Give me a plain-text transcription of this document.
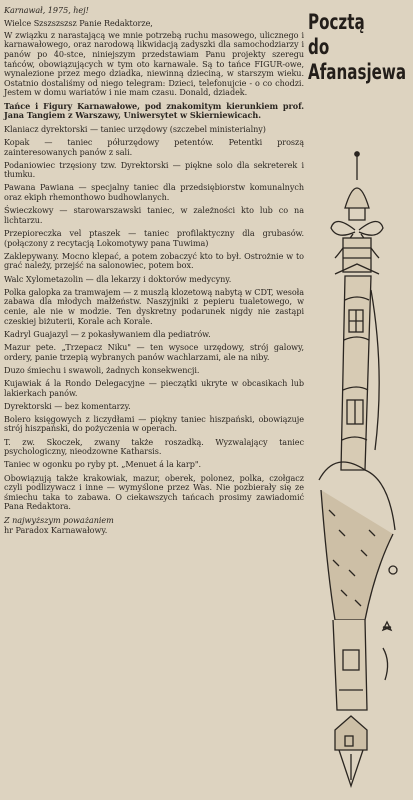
Karnawał, 1975, hej!

Wielce Szszszszsz Panie Redaktorze,

W związku z narastającą we mnie potrzebą ruchu masowego, ulicznego i karnawałowego, oraz narodową likwidacją zadyszki dla samochodziarzy i panów po 40-stce, niniejszym przedstawiam Panu projekty szeregu tańców, obowiązujących w tym oto karnawale. Są to tańce FIGUR-owe, wynalezione przez mego dziadka, niewinną dzieciną, w starszym wieku. Ostatnio dostaliśmy od niego telegram: Dzieci, telefonujcie - o co chodzi. Jestem w domu wariatów i nie mam czasu. Donald, dziadek.

Tańce i Figury Karnawałowe, pod znakomitym kierunkiem prof. Jana Tangiem z Warszawy, Uniwersytet w Skierniewicach.

Klaniacz dyrektorski — taniec urzędowy (szczebel ministerialny)

Kopak — taniec półurzędowy petentów. Petentki proszą zainteresowanych panów z sali.

Podaniowiec trzęsiony tzw. Dyrektorski — piękne solo dla sekreterek i tłumku.

Pawana Pawiana — specjalny taniec dla przedsiębiorstw komunalnych oraz ekiph rhemonthowo budhowlanych.

Świeczkowy — starowarszawski taniec, w zależności kto lub co na lichtarzu.

Przepioreczka vel ptaszek — taniec profilaktyczny dla grubasów. (połączony z recytacją Lokomotywy pana Tuwima)

Zaklepywany. Mocno klepać, a potem zobaczyć kto to był. Ostrożnie w to grać należy, przejść na salonowiec, potem box.

Walc Xylometazolin — dla lekarzy i doktorów medycyny.

Polka galopka za tramwajem — z muszlą klozetową nabytą w CDT, wesoła zabawa dla młodych małżeństw. Naszyjniki z pepieru tualetowego, w cenie, ale nie w modzie. Ten dyskretny podarunek nigdy nie zastąpi czeskiej biżuterii, Korale ach Korale.

Kadryl Guajazyl — z pokasływaniem dla pediatrów.

Mazur pete. „Trzepacz Niku" — ten wysoce urzędowy, strój galowy, ordery, panie trzepią wybranych panów wachlarzami, ale na niby.

Duzo śmiechu i swawoli, żadnych konsekwencji.

Kujawiak á la Rondo Delegacyjne — pieczątki ukryte w obcasikach lub lakierkach panów.

Dyrektorski — bez komentarzy.

Bolero księgowych z liczydłami — piękny taniec hiszpański, obowiązuje strój hiszpański, do pożyczenia w operach.

T. zw. Skoczek, zwany także roszadką. Wyzwalający taniec psychologiczny, nieodzowne Katharsis.

Taniec w ogonku po ryby pt. „Menuet á la karp".

Obowiązują także krakowiak, mazur, oberek, polonez, polka, czołgacz czyli podlizywacz i inne — wymyślone przez Was. Nie pozbierały się ze śmiechu taka to zabawa. O ciekawszych tańcach prosimy zawiadomić Pana Redaktora.

Z najwyższym poważaniem

hr Paradox Karnawałowy.

Pocztą
do
Afanasjewa
